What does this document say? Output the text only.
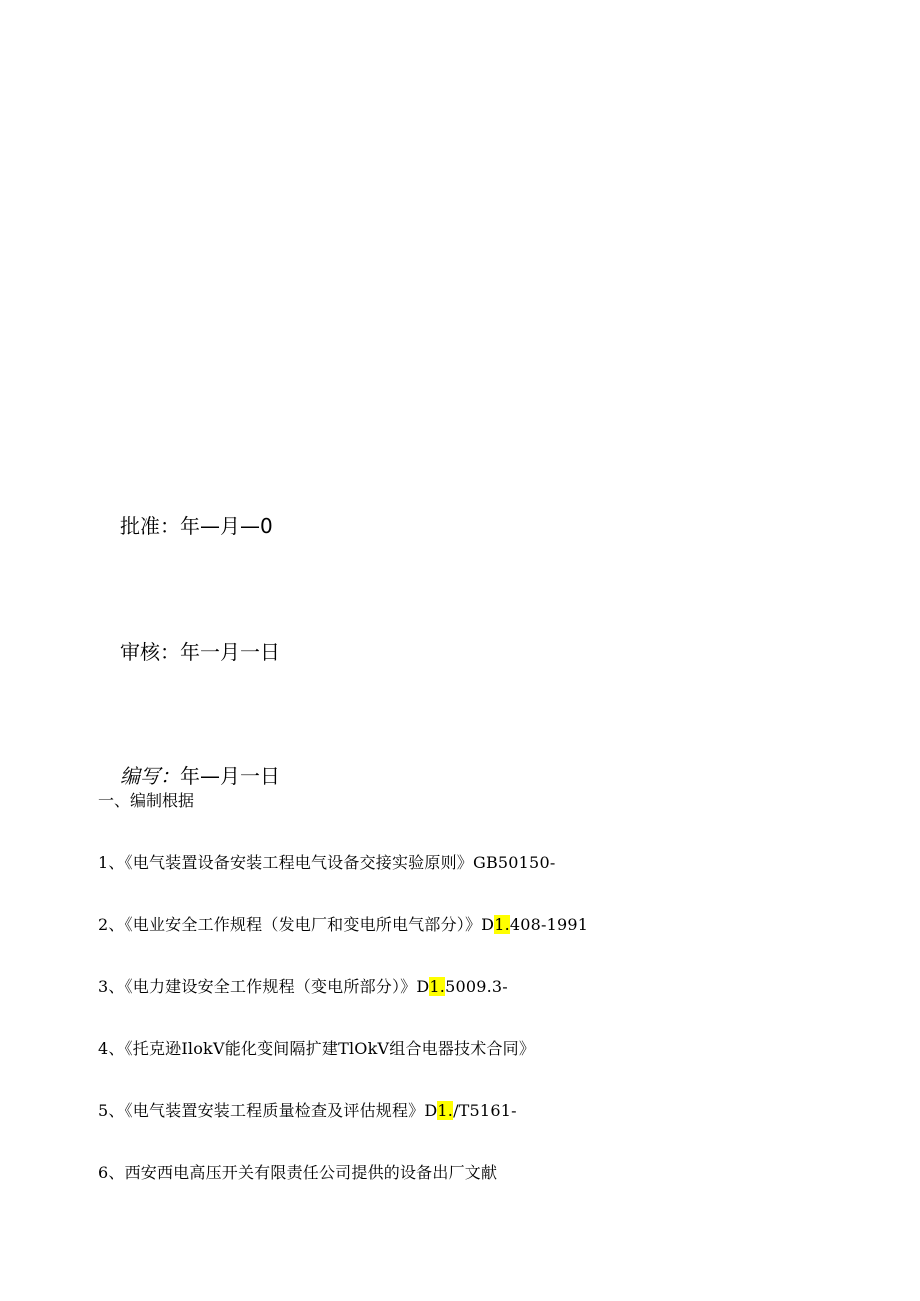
批准：年—月—0
审核：年一月一日
编写：年—月一日
一、编制根据
1、《电气装置设备安装工程电气设备交接实验原则》GB50150-
2、《电业安全工作规程（发电厂和变电所电气部分）》D1.408-1991
3、《电力建设安全工作规程（变电所部分）》D1.5009.3-
4、《托克逊IlokV能化变间隔扩建TlOkV组合电器技术合同》
5、《电气装置安装工程质量检查及评估规程》D1./T5161-
6、西安西电高压开关有限责任公司提供的设备出厂文献
